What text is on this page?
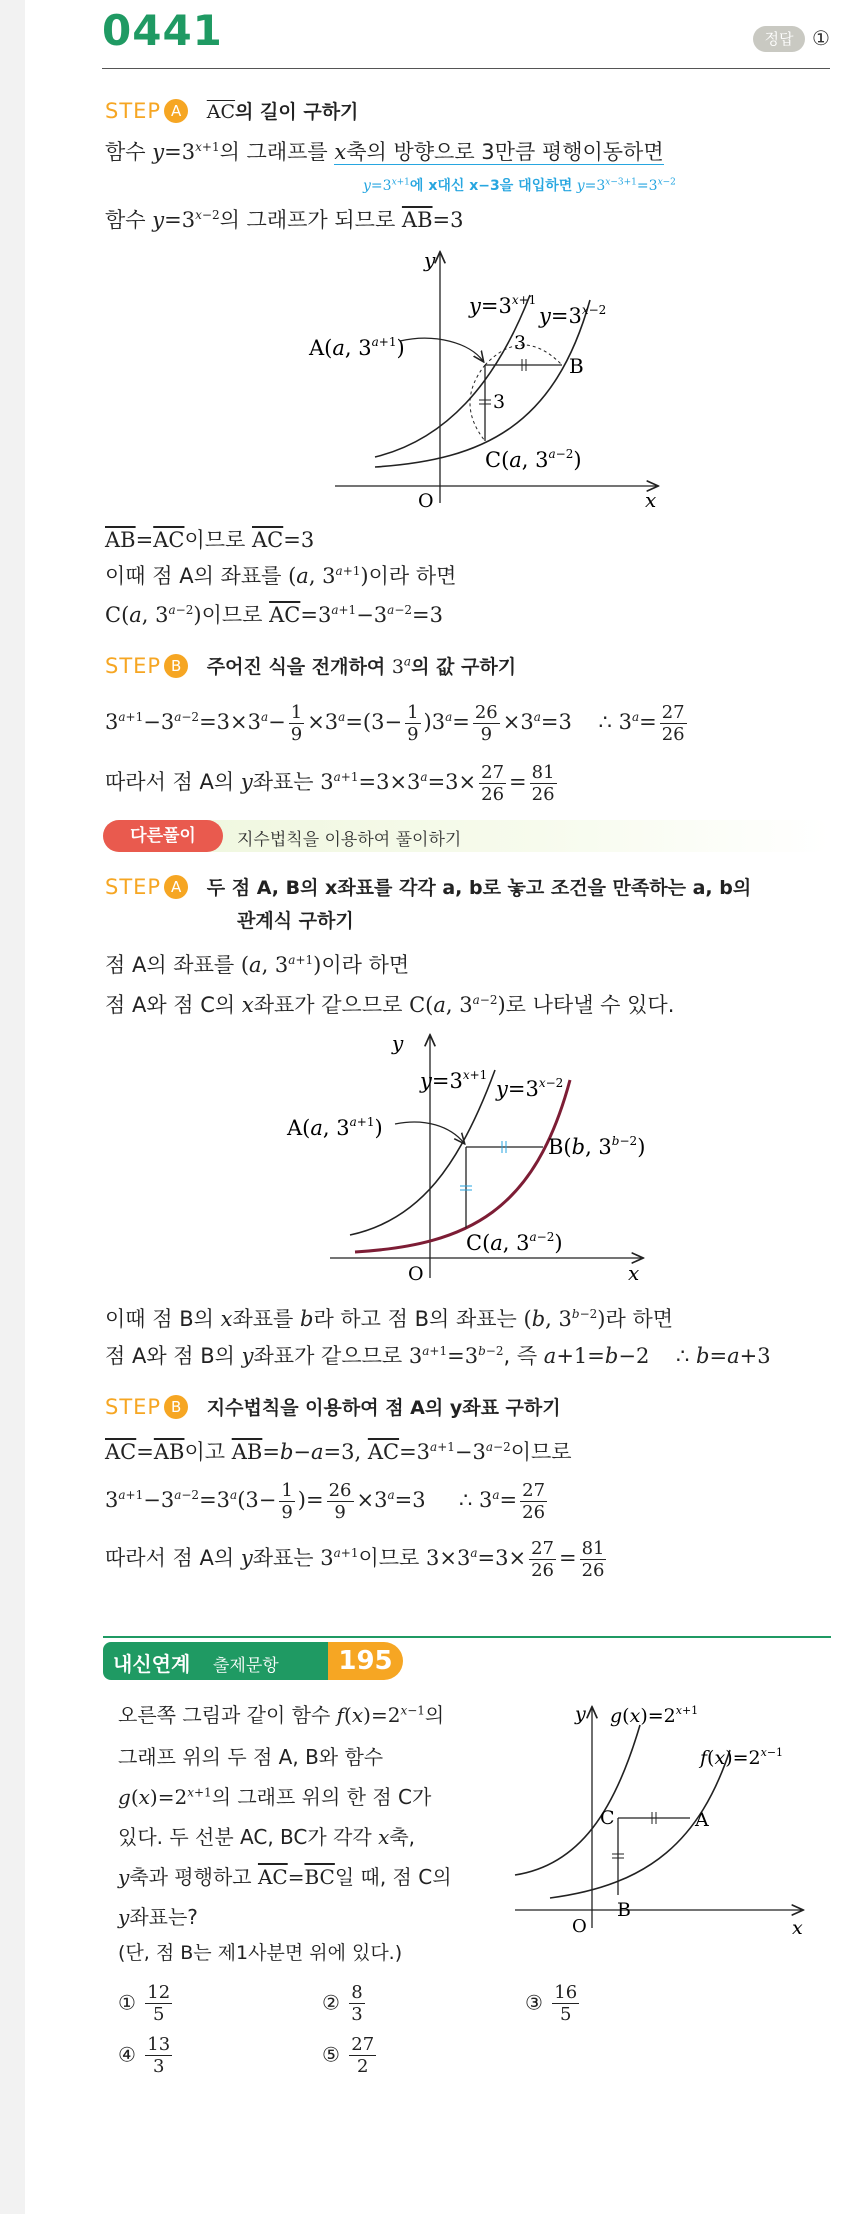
0441	정답 ①
STEP A $\overline{AC}$의 길이 구하기
함수 $y=3^{x+1}$의 그래프를 x축의 방향으로 3만큼 평행이동하면
$y=3^{x+1}$에 x대신 x−3을 대입하면 $y=3^{x-3+1}=3^{x-2}$
함수 $y=3^{x-2}$의 그래프가 되므로 $\overline{AB}=3$
A(a, $3^{a+1}$)
$y=3^{x+1}$
$y=3^{x-2}$
3
3
B
C(a, $3^{a-2}$)
O	x
y
$\overline{AB}=\overline{AC}$이므로 $\overline{AC}=3$
이때 점 A의 좌표를 (a, $3^{a+1}$)이라 하면
C(a, $3^{a-2}$)이므로 $\overline{AC}=3^{a+1}-3^{a-2}=3$
STEP B 주어진 식을 전개하여 3$^a$의 값 구하기
$3^{a+1}-3^{a-2}=3\times 3^a- \frac{1}{9} \times 3^a=(3- \frac{1}{9} )3^a= \frac{26}{9} \times 3^a=3$    ∴ $3^a= \frac{27}{26}$
따라서 점 A의 y좌표는 $3^{a+1}=3\times 3^a=3\times \frac{27}{26} = \frac{81}{26}$
다른풀이	지수법칙을 이용하여 풀이하기
STEP A 두 점 A, B의 x좌표를 각각 a, b로 놓고 조건을 만족하는 a, b의
관계식 구하기
점 A의 좌표를 (a, $3^{a+1}$)이라 하면
점 A와 점 C의 x좌표가 같으므로 C(a, $3^{a-2}$)로 나타낼 수 있다.
A(a, $3^{a+1}$)
$y=3^{x+1}$
$y=3^{x-2}$
B(b, $3^{b-2}$)
C(a, $3^{a-2}$)
O	x
y
이때 점 B의 x좌표를 b라 하고 점 B의 좌표는 (b, $3^{b-2}$)라 하면
점 A와 점 B의 y좌표가 같으므로 $3^{a+1}=3^{b-2}$, 즉 a+1=b−2    ∴ b=a+3
STEP B 지수법칙을 이용하여 점 A의 y좌표 구하기
$\overline{AC}=\overline{AB}$이고 $\overline{AB}=b-a=3$, $\overline{AC}=3^{a+1}-3^{a-2}$이므로
$3^{a+1}-3^{a-2}=3^a(3- \frac{1}{9}$ )= $\frac{26}{9} \times 3^a=3$     ∴ $3^a= \frac{27}{26}$
따라서 점 A의 y좌표는 $3^{a+1}$이므로 $3\times 3^a=3\times \frac{27}{26} = \frac{81}{26}$
내신연계 출제문항	195
오른쪽 그림과 같이 함수 $f(x)=2^{x-1}$의
그래프 위의 두 점 A, B와 함수
$g(x)=2^{x+1}$의 그래프 위의 한 점 C가
있다. 두 선분 AC, BC가 각각 x축,
y축과 평행하고 $\overline{AC}=\overline{BC}$일 때, 점 C의
y좌표는?
(단, 점 B는 제1사분면 위에 있다.)
C	A
B
O	x
y $g(x)=2^{x+1}$
$f(x)=2^{x-1}$
① $\frac{12}{5}$	② $\frac{8}{3}$	③ $\frac{16}{5}$
④ $\frac{13}{3}$	⑤ $\frac{27}{2}$
